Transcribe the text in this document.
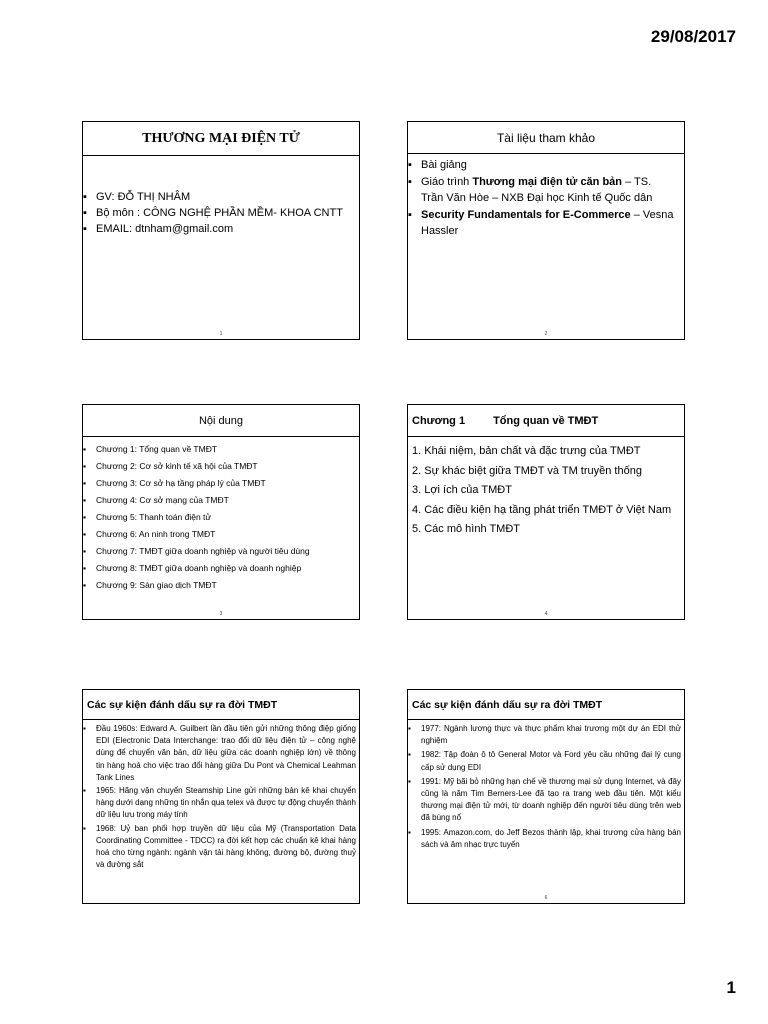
29/08/2017
THƯƠNG MẠI ĐIỆN TỬ
▪ GV: ĐỖ THỊ NHÂM
▪ Bộ môn : CÔNG NGHỆ PHẦN MỀM- KHOA CNTT
▪ EMAIL: dtnham@gmail.com
1
Tài liệu tham khảo
▪ Bài giảng
▪ Giáo trình Thương mại điện tử căn bản – TS. Trần Văn Hòe – NXB Đại học Kinh tế Quốc dân
▪ Security Fundamentals for E-Commerce – Vesna Hassler
2
Nội dung
▪ Chương 1: Tổng quan về TMĐT
▪ Chương 2: Cơ sở kinh tế xã hội của TMĐT
▪ Chương 3: Cơ sở hạ tầng pháp lý của TMĐT
▪ Chương 4: Cơ sở mạng của TMĐT
▪ Chương 5: Thanh toán điện tử
▪ Chương 6: An ninh trong TMĐT
▪ Chương 7: TMĐT giữa doanh nghiệp và người tiêu dùng
▪ Chương 8: TMĐT giữa doanh nghiệp và doanh nghiệp
▪ Chương 9: Sàn giao dịch TMĐT
3
Chương 1	Tổng quan về TMĐT
1. Khái niệm, bản chất và đặc trưng của TMĐT
2. Sự khác biệt giữa TMĐT và TM truyền thống
3. Lợi ích của TMĐT
4. Các điều kiện hạ tầng phát triển TMĐT ở Việt Nam
5. Các mô hình TMĐT
4
Các sự kiện đánh dấu sự ra đời TMĐT
▪ Đầu 1960s: Edward A. Guilbert lần đầu tiên gửi những thông điệp giống EDI (Electronic Data Interchange: trao đổi dữ liệu điện tử – công nghệ dùng để chuyển văn bản, dữ liệu giữa các doanh nghiệp lớn) về thông tin hàng hoá cho việc trao đổi hàng giữa Du Pont và Chemical Leahman Tank Lines
▪ 1965: Hãng vận chuyển Steamship Line gửi những bản kê khai chuyển hàng dưới dạng những tin nhắn qua telex và được tự động chuyển thành dữ liệu lưu trong máy tính
▪ 1968: Uỷ ban phối hợp truyền dữ liệu của Mỹ (Transportation Data Coordinating Committee - TDCC) ra đời kết hợp các chuẩn kê khai hàng hoá cho từng ngành: ngành vận tải hàng không, đường bộ, đường thuỷ và đường sắt
Các sự kiện đánh dấu sự ra đời TMĐT
▪ 1977: Ngành lương thực và thực phẩm khai trương một dự án EDI thử nghiệm
▪ 1982: Tập đoàn ô tô General Motor và Ford yêu cầu những đại lý cung cấp sử dụng EDI
▪ 1991: Mỹ bãi bỏ những hạn chế về thương mại sử dụng Internet, và đây cũng là năm Tim Berners-Lee đã tạo ra trang web đầu tiên. Một kiểu thương mại điện tử mới, từ doanh nghiệp đến người tiêu dùng trên web đã bùng nổ
▪ 1995: Amazon.com, do Jeff Bezos thành lập, khai trương cửa hàng bán sách và âm nhạc trực tuyến
6
1
